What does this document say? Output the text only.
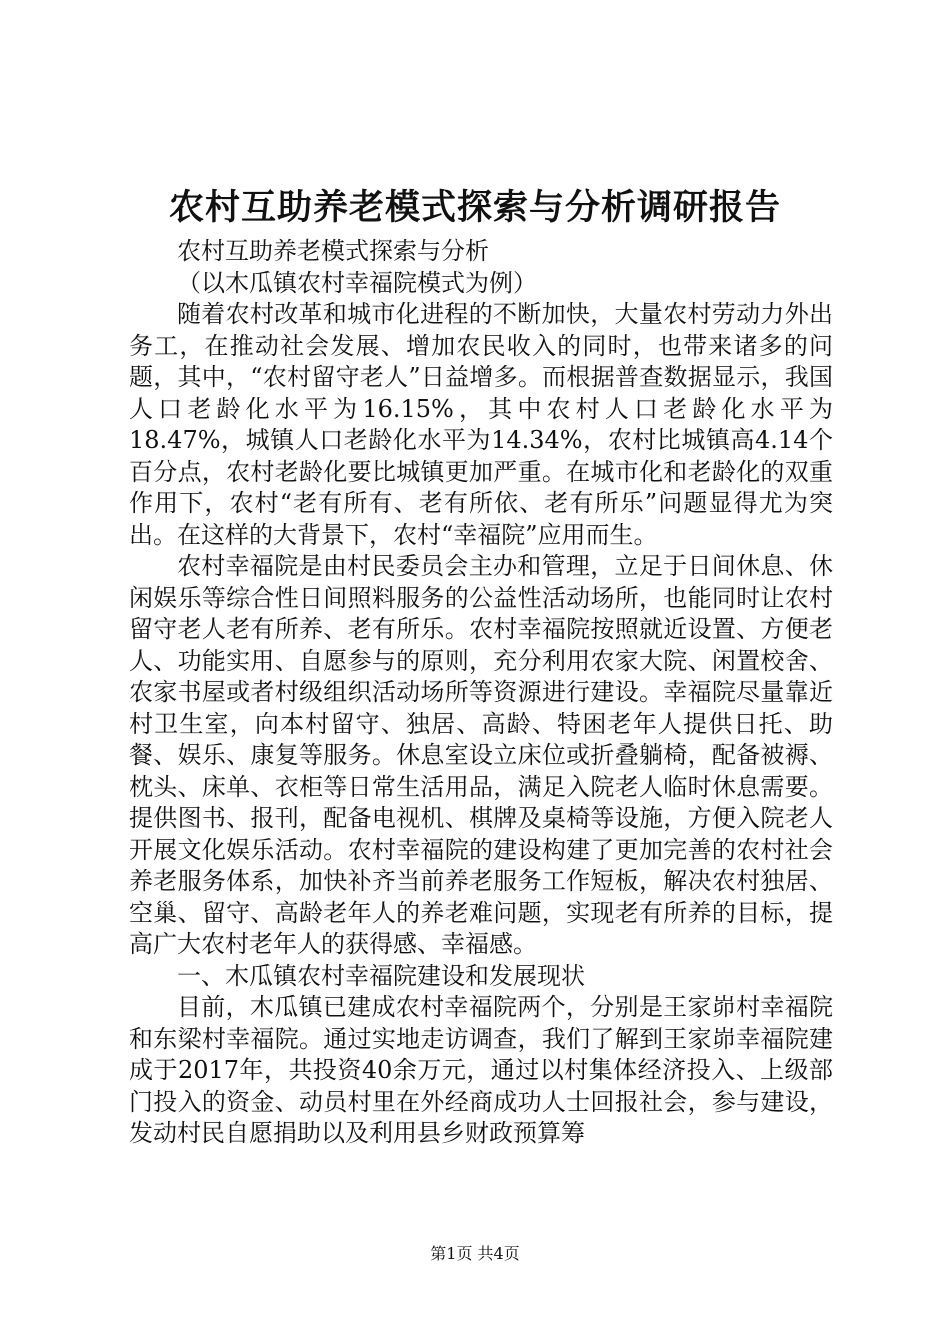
农村互助养老模式探索与分析调研报告

农村互助养老模式探索与分析

（以木瓜镇农村幸福院模式为例）

随着农村改革和城市化进程的不断加快，大量农村劳动力外出务工，在推动社会发展、增加农民收入的同时，也带来诸多的问题，其中，“农村留守老人”日益增多。而根据普查数据显示，我国人口老龄化水平为16.15%，其中农村人口老龄化水平为18.47%，城镇人口老龄化水平为14.34%，农村比城镇高4.14个百分点，农村老龄化要比城镇更加严重。在城市化和老龄化的双重作用下，农村“老有所有、老有所依、老有所乐”问题显得尤为突出。在这样的大背景下，农村“幸福院”应用而生。

农村幸福院是由村民委员会主办和管理，立足于日间休息、休闲娱乐等综合性日间照料服务的公益性活动场所，也能同时让农村留守老人老有所养、老有所乐。农村幸福院按照就近设置、方便老人、功能实用、自愿参与的原则，充分利用农家大院、闲置校舍、农家书屋或者村级组织活动场所等资源进行建设。幸福院尽量靠近村卫生室，向本村留守、独居、高龄、特困老年人提供日托、助餐、娱乐、康复等服务。休息室设立床位或折叠躺椅，配备被褥、枕头、床单、衣柜等日常生活用品，满足入院老人临时休息需要。提供图书、报刊，配备电视机、棋牌及桌椅等设施，方便入院老人开展文化娱乐活动。农村幸福院的建设构建了更加完善的农村社会养老服务体系，加快补齐当前养老服务工作短板，解决农村独居、空巢、留守、高龄老年人的养老难问题，实现老有所养的目标，提高广大农村老年人的获得感、幸福感。

一、木瓜镇农村幸福院建设和发展现状

目前，木瓜镇已建成农村幸福院两个，分别是王家峁村幸福院和东梁村幸福院。通过实地走访调查，我们了解到王家峁幸福院建成于2017年，共投资40余万元，通过以村集体经济投入、上级部门投入的资金、动员村里在外经商成功人士回报社会，参与建设，发动村民自愿捐助以及利用县乡财政预算筹

第1页 共4页
